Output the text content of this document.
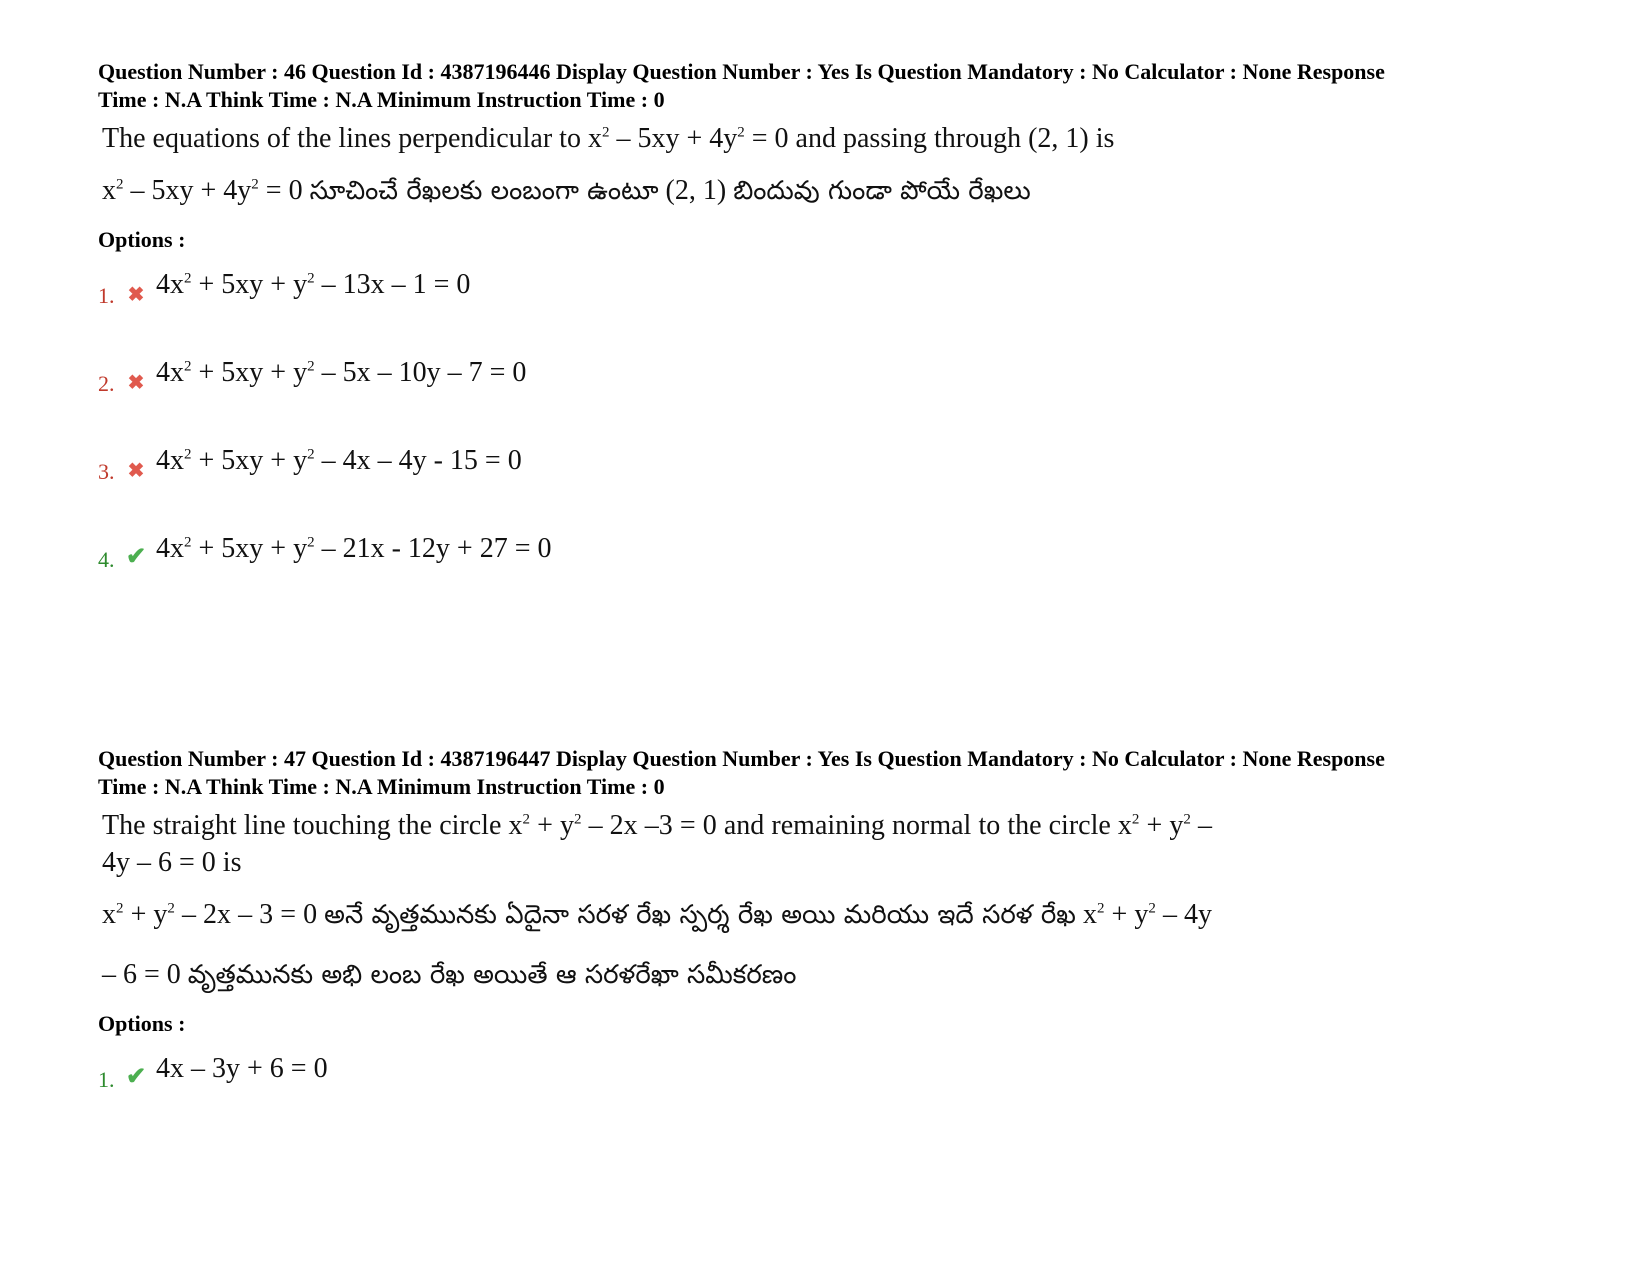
Question Number : 46 Question Id : 4387196446 Display Question Number : Yes Is Question Mandatory : No Calculator : None Response
Time : N.A Think Time : N.A Minimum Instruction Time : 0

The equations of the lines perpendicular to $x^2 - 5xy + 4y^2 = 0$ and passing through (2, 1) is
$x^2 - 5xy + 4y^2 = 0$ సూచించే రేఖలకు లంబంగా ఉంటూ (2, 1) బిందువు గుండా పోయే రేఖలు

Options :

1. ✖ $4x^2 + 5xy + y^2 - 13x - 1 = 0$
2. ✖ $4x^2 + 5xy + y^2 - 5x - 10y - 7 = 0$
3. ✖ $4x^2 + 5xy + y^2 - 4x - 4y - 15 = 0$
4. ✔ $4x^2 + 5xy + y^2 - 21x - 12y + 27 = 0$

Question Number : 47 Question Id : 4387196447 Display Question Number : Yes Is Question Mandatory : No Calculator : None Response
Time : N.A Think Time : N.A Minimum Instruction Time : 0

The straight line touching the circle $x^2 + y^2 - 2x$ –3 = 0 and remaining normal to the circle $x^2 + y^2 - 4y - 6 = 0$ is
$x^2 + y^2 - 2x - 3 = 0$ అనే వృత్తమునకు ఏదైనా సరళ రేఖ స్పర్శ రేఖ అయి మరియు ఇదే సరళ రేఖ $x^2 + y^2 - 4y - 6 = 0$ వృత్తమునకు అభి లంబ రేఖ అయితే ఆ సరళరేఖా సమీకరణం

Options :

1. ✔ 4x – 3y + 6 = 0
